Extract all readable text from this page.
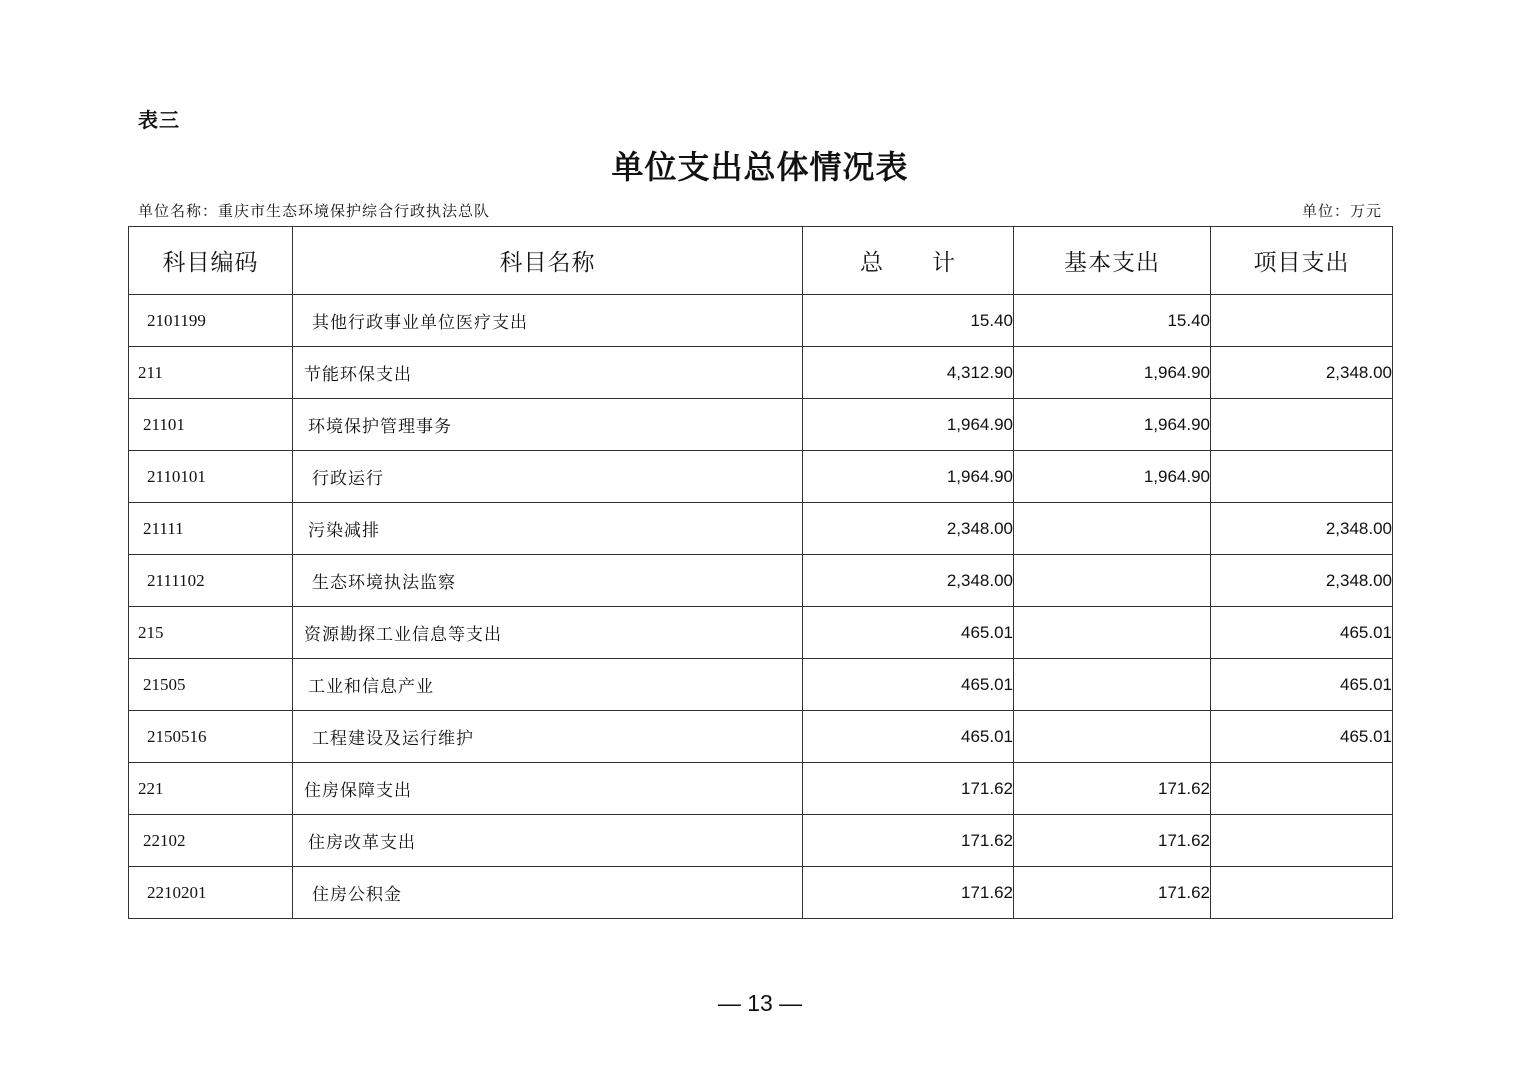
表三
单位支出总体情况表
单位名称：重庆市生态环境保护综合行政执法总队	单位：万元
科目编码	科目名称	总　　计	基本支出	项目支出
2101199	其他行政事业单位医疗支出	15.40	15.40	
211	节能环保支出	4,312.90	1,964.90	2,348.00
21101	环境保护管理事务	1,964.90	1,964.90	
2110101	行政运行	1,964.90	1,964.90	
21111	污染减排	2,348.00		2,348.00
2111102	生态环境执法监察	2,348.00		2,348.00
215	资源勘探工业信息等支出	465.01		465.01
21505	工业和信息产业	465.01		465.01
2150516	工程建设及运行维护	465.01		465.01
221	住房保障支出	171.62	171.62	
22102	住房改革支出	171.62	171.62	
2210201	住房公积金	171.62	171.62	
— 13 —
